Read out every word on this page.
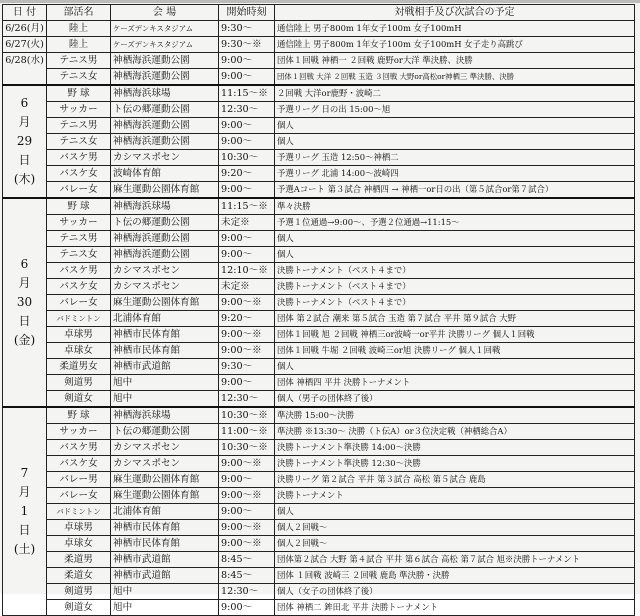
日 付	部活名	会 場	開始時刻	対戦相手及び次試合の予定
6/26(月)	陸上	ケーズデンキスタジアム	9:30～	通信陸上 男子800m 1年女子100m 女子100mH
6/27(火)	陸上	ケーズデンキスタジアム	9:30～※	通信陸上 男子800m 1年女子100m 女子100mH 女子走り高跳び
6/28(水)	テニス男	神栖海浜運動公園	9:00～	団体１回戦 神栖一 ２回戦 鹿野or大洋 準決勝、決勝
	テニス女	神栖海浜運動公園	9:00～	団体１回戦 大洋 ２回戦 玉造 ３回戦 大野or高松or神栖三 準決勝、決勝

6
月
29
日
(木)	野 球	神栖海浜球場	11:15～※	２回戦 大洋or鹿野・波崎二
	サッカー	ト伝の郷運動公園	12:30～	予選リーグ 日の出 15:00～旭
	テニス男	神栖海浜運動公園	9:00～	個人
	テニス女	神栖海浜運動公園	9:00～	個人
	バスケ男	カシマスポセン	10:30～	予選リーグ 玉造 12:50～神栖二
	バスケ女	波崎体育館	9:20～	予選リーグ 北浦 14:00～波崎四
	バレー女	麻生運動公園体育館	9:00～	予選Aコート 第３試合 神栖四 → 神栖一or日の出（第５試合or第７試合）

6
月
30
日
(金)	野 球	神栖海浜球場	11:15～※	準々決勝
	サッカー	ト伝の郷運動公園	未定※	予選１位通過→9:00～、予選２位通過→11:15～
	テニス男	神栖海浜運動公園	9:00～	個人
	テニス女	神栖海浜運動公園	9:00～	個人
	バスケ男	カシマスポセン	12:10～※	決勝トーナメント（ベスト４まで）
	バスケ女	カシマスポセン	未定※	決勝トーナメント（ベスト４まで）
	バレー女	麻生運動公園体育館	9:00～※	決勝トーナメント（ベスト４まで）
	バドミントン	北浦体育館	9:20～	団体 第２試合 潮来 第５試合 玉造 第７試合 平井 第９試合 大野
	卓球男	神栖市民体育館	9:00～※	団体１回戦 旭 ２回戦 神栖三or波崎一or平井 決勝リーグ 個人１回戦
	卓球女	神栖市民体育館	9:00～※	団体１回戦 牛堀 ２回戦 波崎三or旭 決勝リーグ 個人１回戦
	柔道男女	神栖市武道館	9:30～	個人
	剣道男	旭中	9:00～	団体 神栖四 平井 決勝トーナメント
	剣道女	旭中	12:30～	個人（男子の団体終了後）

7
月
1
日
(土)	野 球	神栖海浜球場	10:30～※	準決勝 15:00～決勝
	サッカー	ト伝の郷運動公園	11:00～※	準決勝 ※13:30～ 決勝（ト伝A）or３位決定戦（神栖総合A）
	バスケ男	カシマスポセン	10:30～※	決勝トーナメント準決勝 14:00～決勝
	バスケ女	カシマスポセン	9:00～※	決勝トーナメント準決勝 12:30～決勝
	バレー男	麻生運動公園体育館	9:00～	決勝リーグ 第２試合 平井 第３試合 高松 第５試合 鹿島
	バレー女	麻生運動公園体育館	9:00～※	決勝トーナメント
	バドミントン	北浦体育館	9:00～	個人
	卓球男	神栖市民体育館	9:00～※	個人２回戦～
	卓球女	神栖市民体育館	9:00～※	個人２回戦～
	柔道男	神栖市武道館	8:45～	団体第２試合 大野 第４試合 平井 第６試合 高松 第７試合 旭※決勝トーナメント
	柔道女	神栖市武道館	8:45～	団体 １回戦 波崎三 ２回戦 鹿島 準決勝・決勝
	剣道男	旭中	12:30～	個人（女子の団体終了後）
	剣道女	旭中	9:00～	団体 神栖二 鉾田北 平井 決勝トーナメント
